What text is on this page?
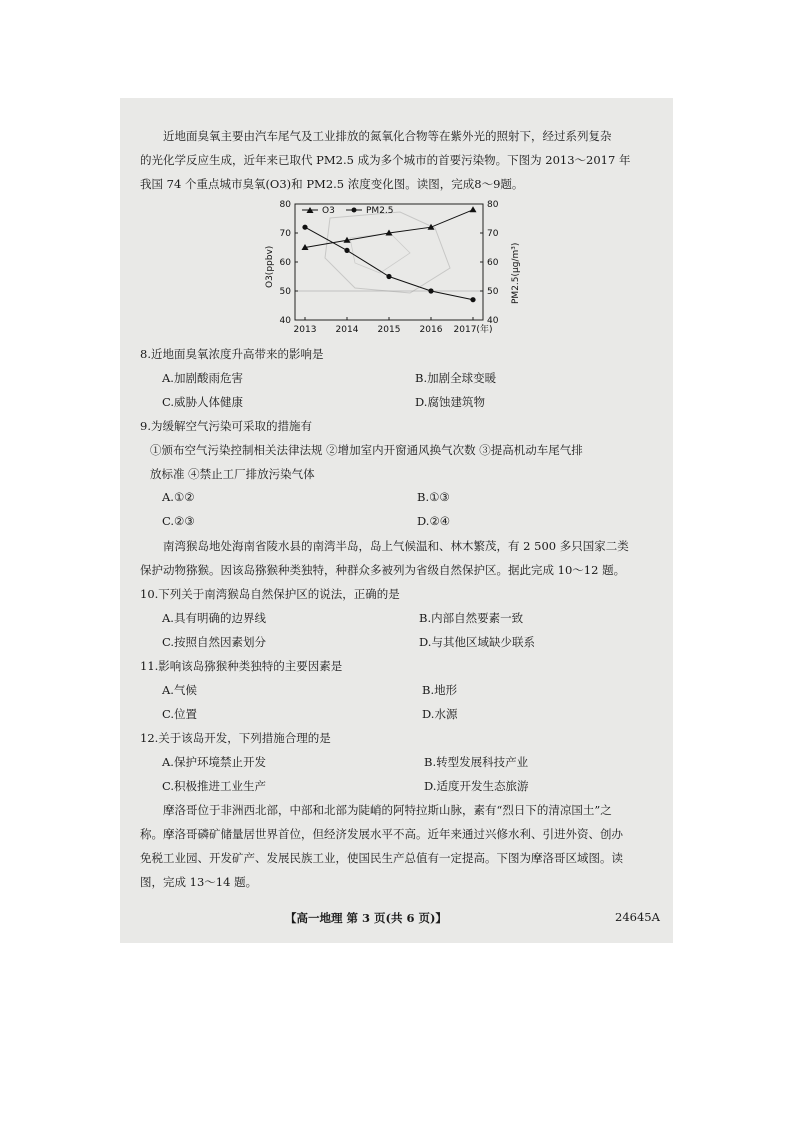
近地面臭氧主要由汽车尾气及工业排放的氮氧化合物等在紫外光的照射下，经过系列复杂
的光化学反应生成，近年来已取代 PM2.5 成为多个城市的首要污染物。下图为 2013～2017 年
我国 74 个重点城市臭氧(O3)和 PM2.5 浓度变化图。读图，完成8～9题。
40
50
60
70
80
40
50
60
70
80
2013 2014 2015 2016 2017(年)
O3	PM2.5
O3(ppbv)	PM2.5(μg/m³)
8.近地面臭氧浓度升高带来的影响是
A.加剧酸雨危害	B.加剧全球变暖
C.威胁人体健康	D.腐蚀建筑物
9.为缓解空气污染可采取的措施有
①颁布空气污染控制相关法律法规 ②增加室内开窗通风换气次数 ③提高机动车尾气排
放标准 ④禁止工厂排放污染气体
A.①②	B.①③
C.②③	D.②④
南湾猴岛地处海南省陵水县的南湾半岛，岛上气候温和、林木繁茂，有 2 500 多只国家二类
保护动物猕猴。因该岛猕猴种类独特，种群众多被列为省级自然保护区。据此完成 10～12 题。
10.下列关于南湾猴岛自然保护区的说法，正确的是
A.具有明确的边界线	B.内部自然要素一致
C.按照自然因素划分	D.与其他区域缺少联系
11.影响该岛猕猴种类独特的主要因素是
A.气候	B.地形
C.位置	D.水源
12.关于该岛开发，下列措施合理的是
A.保护环境禁止开发	B.转型发展科技产业
C.积极推进工业生产	D.适度开发生态旅游
摩洛哥位于非洲西北部，中部和北部为陡峭的阿特拉斯山脉，素有“烈日下的清凉国土”之
称。摩洛哥磷矿储量居世界首位，但经济发展水平不高。近年来通过兴修水利、引进外资、创办
免税工业园、开发矿产、发展民族工业，使国民生产总值有一定提高。下图为摩洛哥区域图。读
图，完成 13～14 题。
【高一地理 第 3 页(共 6 页)】	24645A
